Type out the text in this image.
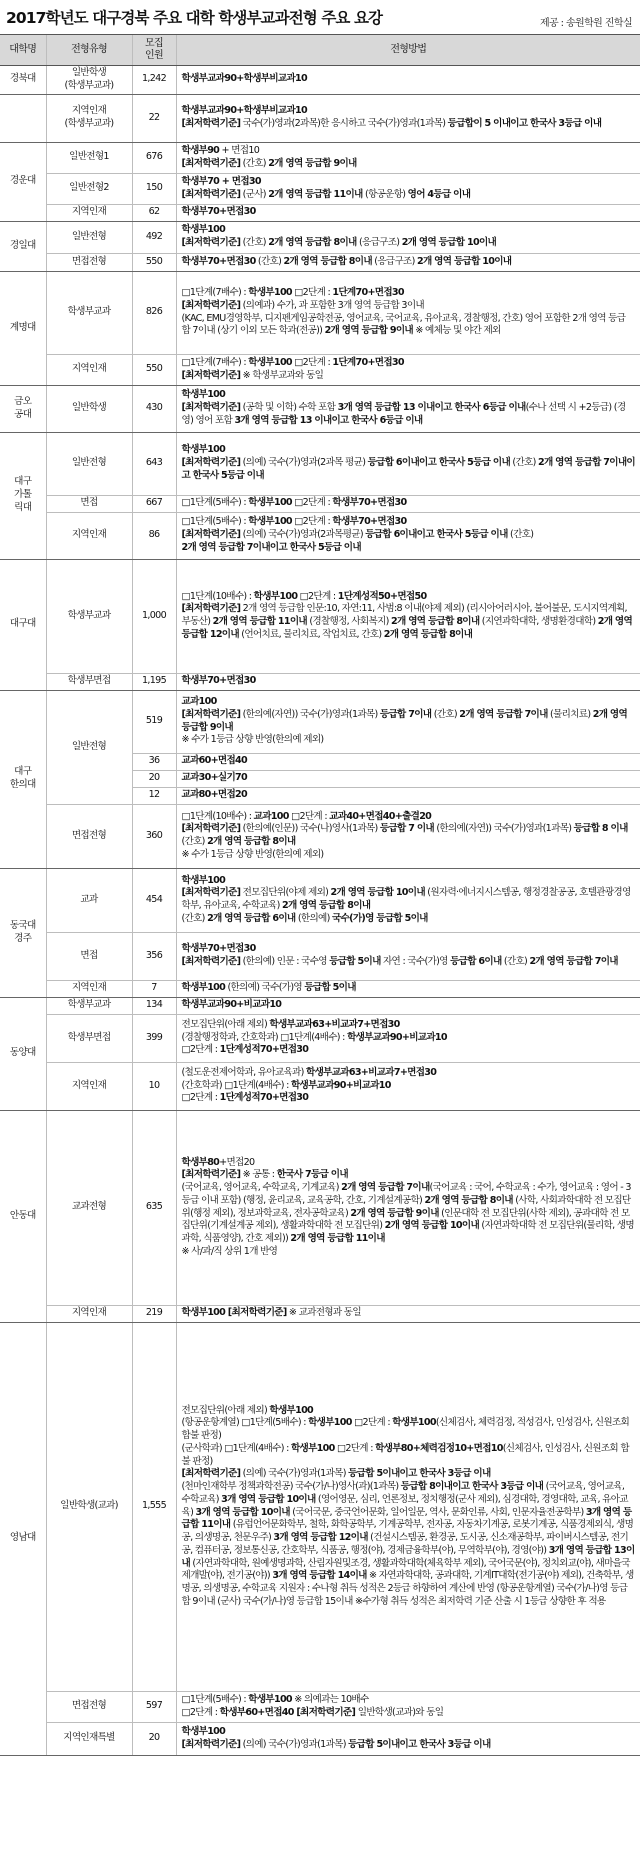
2017학년도 대구경북 주요 대학 학생부교과전형 주요 요강	제공 : 송원학원 진학실
대학명	전형유형	모집
인원	전형방법
경북대	일반학생
(학생부교과)	1,242	학생부교과90+학생부비교과10

	지역인재
(학생부교과)	22	학생부교과90+학생부비교과10
[최저학력기준] 국수(가)영과(2과목)한 응시하고 국수(가)영과(1과목) 등급합이 5 이내이고 한국사 3등급 이내

경운대	일반전형1	676	학생부90 + 면접10
[최저학력기준] (간호) 2개 영역 등급합 9이내

	일반전형2	150	학생부70 + 면접30
[최저학력기준] (군사) 2개 영역 등급합 11이내 (항공운항) 영어 4등급 이내

	지역인재	62	학생부70+면접30

경일대	일반전형	492	학생부100
[최저학력기준] (간호) 2개 영역 등급합 8이내 (응급구조) 2개 영역 등급합 10이내

	면접전형	550	학생부70+면접30 (간호) 2개 영역 등급합 8이내 (응급구조) 2개 영역 등급합 10이내

계명대	학생부교과	826	□1단계(7배수) : 학생부100 □2단계 : 1단계70+면접30
[최저학력기준] (의예과) 수가, 과 포함한 3개 영역 등급합 3이내
(KAC, EMU경영학부, 디지펜게임공학전공, 영어교육, 국어교육, 유아교육, 경찰행정, 간호) 영어 포함한 2개 영역 등급 합 7이내 (상기 이외 모든 학과(전공)) 2개 영역 등급합 9이내 ※ 예체능 및 야간 제외

	지역인재	550	□1단계(7배수) : 학생부100 □2단계 : 1단계70+면접30
[최저학력기준] ※ 학생부교과와 동일

금오
공대	일반학생	430	학생부100
[최저학력기준] (공학 및 이학) 수학 포함 3개 영역 등급합 13 이내이고 한국사 6등급 이내(수나 선택 시 +2등급) (경영) 영어 포함 3개 영역 등급합 13 이내이고 한국사 6등급 이내

대구
가톨
릭대	일반전형	643	학생부100
[최저학력기준] (의예) 국수(가)영과(2과목 평균) 등급합 6이내이고 한국사 5등급 이내 (간호) 2개 영역 등급합 7이내이고 한국사 5등급 이내

	면접	667	□1단계(5배수) : 학생부100 □2단계 : 학생부70+면접30

	지역인재	86	□1단계(5배수) : 학생부100 □2단계 : 학생부70+면접30
[최저학력기준] (의예) 국수(가)영과(2과목평균) 등급합 6이내이고 한국사 5등급 이내 (간호)
2개 영역 등급합 7이내이고 한국사 5등급 이내

대구대	학생부교과	1,000	□1단계(10배수) : 학생부100 □2단계 : 1단계성적50+면접50
[최저학력기준] 2개 영역 등급합 인문:10, 자연:11, 사범:8 이내(야제 제외) (리시아어러시아, 불어불문, 도시지역계획, 부동산) 2개 영역 등급합 11이내 (경찰행정, 사회복지) 2개 영역 등급합 8이내 (지연과학대학, 생명환경대학) 2개 영역 등급합 12이내 (언어치료, 물리치료, 작업치료, 간호) 2개 영역 등급합 8이내

	학생부면접	1,195	학생부70+면접30

대구
한의대	일반전형	519	교과100
[최저학력기준] (한의예(자연)) 국수(가)영과(1과목) 등급합 7이내 (간호) 2개 영역 등급합 7이내 (물리치료) 2개 영역 등급합 9이내
※ 수가 1등급 상향 반영(한의예 제외)

		36	교과60+면접40

		20	교과30+실기70

		12	교과80+면접20

	면접전형	360	□1단계(10배수) : 교과100 □2단계 : 교과40+면접40+출결20
[최저학력기준] (한의예(인문)) 국수(나)영사(1과목) 등급합 7 이내 (한의예(자연)) 국수(가)영과(1과목) 등급합 8 이내 (간호) 2개 영역 등급합 8이내
※ 수가 1등급 상향 반영(한의예 제외)

동국대
경주	교과	454	학생부100
[최저학력기준] 전모집단위(야제 제외) 2개 영역 등급합 10이내 (원자력·에너지시스템공, 행정경찰공공, 호텔관광경영학부, 유아교육, 수학교육) 2개 영역 등급합 8이내
(간호) 2개 영역 등급합 6이내 (한의예) 국수(가)영 등급합 5이내

	면접	356	학생부70+면접30
[최저학력기준] (한의예) 인문 : 국수영 등급합 5이내 자연 : 국수(가)영 등급합 6이내 (간호) 2개 영역 등급합 7이내

	지역인재	7	학생부100 (한의예) 국수(가)영 등급합 5이내

동양대	학생부교과	134	학생부교과90+비교과10

	학생부면접	399	전모집단위(아래 제외) 학생부교과63+비교과7+면접30
(경찰행정학과, 간호학과) □1단계(4배수) : 학생부교과90+비교과10
□2단계 : 1단계성적70+면접30

	지역인재	10	(철도운전제어학과, 유아교육과) 학생부교과63+비교과7+면접30
(간호학과) □1단계(4배수) : 학생부교과90+비교과10
□2단계 : 1단계성적70+면접30

안동대	교과전형	635	학생부80+면접20
[최저학력기준] ※ 공통 : 한국사 7등급 이내
(국어교육, 영어교육, 수학교육, 기계교육) 2개 영역 등급합 7이내(국어교육 : 국어, 수학교육 : 수가, 영어교육 : 영어 - 3등급 이내 포함) (행정, 윤리교육, 교육공학, 간호, 기계설계공학) 2개 영역 등급합 8이내 (사학, 사회과학대학 전 모집단위(행정 제외), 정보과학교육, 전자공학교육) 2개 영역 등급합 9이내 (인문대학 전 모집단위(사학 제외), 공과대학 전 모집단위(기계설계공 제외), 생활과학대학 전 모집단위) 2개 영역 등급합 10이내 (자연과학대학 전 모집단위(물리학, 생명과학, 식품영양), 간호 제외)) 2개 영역 등급합 11이내
※ 사/과/직 상위 1개 반영

	지역인재	219	학생부100 [최저학력기준] ※ 교과전형과 동일

영남대	일반학생(교과)	1,555	전모집단위(아래 제외) 학생부100
(항공운항계열) □1단계(5배수) : 학생부100 □2단계 : 학생부100(신체검사, 체력검정, 적성검사, 인성검사, 신원조회 합불 판정)
(군사학과) □1단계(4배수) : 학생부100 □2단계 : 학생부80+체력검정10+면접10(신체검사, 인성검사, 신원조회 합불 판정)
[최저학력기준] (의예) 국수(가)영과(1과목) 등급합 5이내이고 한국사 3등급 이내
(천마인재학부 정책과학전공) 국수(가/나)영사(과)(1과목) 등급합 8이내이고 한국사 3등급 이내 (국어교육, 영어교육, 수학교육) 3개 영역 등급합 10이내 (영어영문, 심리, 언론정보, 정치행정(군사 제외), 심경대학, 경영대학, 교육, 유아교육) 3개 영역 등급합 10이내 (국어국문, 중국언어문화, 일어일문, 역사, 문화인류, 사회, 인문자율전공학부) 3개 영역 등급합 11이내 (유럽언어문화학부, 철학, 화학공학부, 기계공학부, 전자공, 자동차기계공, 로봇기계공, 식품경제외식, 생명공, 의생명공, 천문우주) 3개 영역 등급합 12이내 (건설시스템공, 환경공, 도시공, 신소재공학부, 파이버시스템공, 전기공, 컴퓨터공, 정보통신공, 간호학부, 식품공, 행정(야), 경제금융학부(야), 무역학부(야), 경영(야)) 3개 영역 등급합 13이내 (자연과학대학, 원예생명과학, 산림자원및조경, 생활과학대학(체육학부 제외), 국어국문(야), 정치외교(야), 새마을국제개발(야), 전기공(야)) 3개 영역 등급합 14이내 ※ 자연과학대학, 공과대학, 기계IT대학(전기공(야) 제외), 건축학부, 생명공, 의생명공, 수학교육 지원자 : 수나형 취득 성적은 2등급 하향하여 계산에 반영 (항공운항계열) 국수(가/나)영 등급합 9이내 (군사) 국수(가/나)영 등급합 15이내 ※수가형 취득 성적은 최저학력 기준 산출 시 1등급 상향한 후 적용

	면접전형	597	□1단계(5배수) : 학생부100 ※ 의예과는 10배수
□2단계 : 학생부60+면접40 [최저학력기준] 일반학생(교과)와 동일

	지역인재특별	20	학생부100
[최저학력기준] (의예) 국수(가)영과(1과목) 등급합 5이내이고 한국사 3등급 이내
